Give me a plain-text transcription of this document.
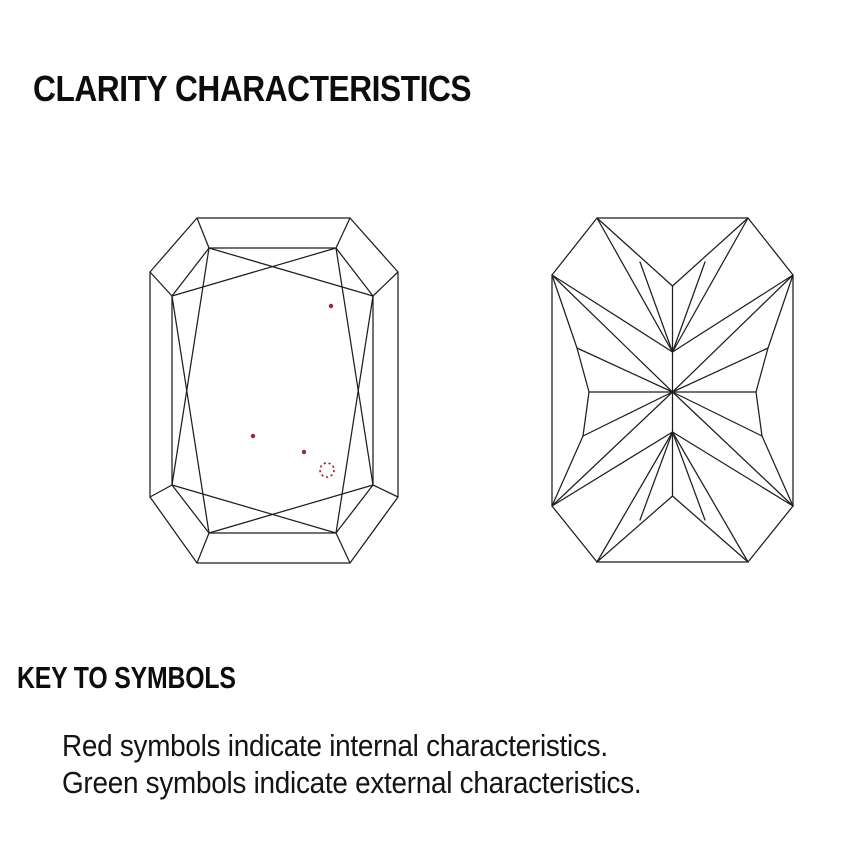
CLARITY CHARACTERISTICS
KEY TO SYMBOLS
Red symbols indicate internal characteristics.
Green symbols indicate external characteristics.
